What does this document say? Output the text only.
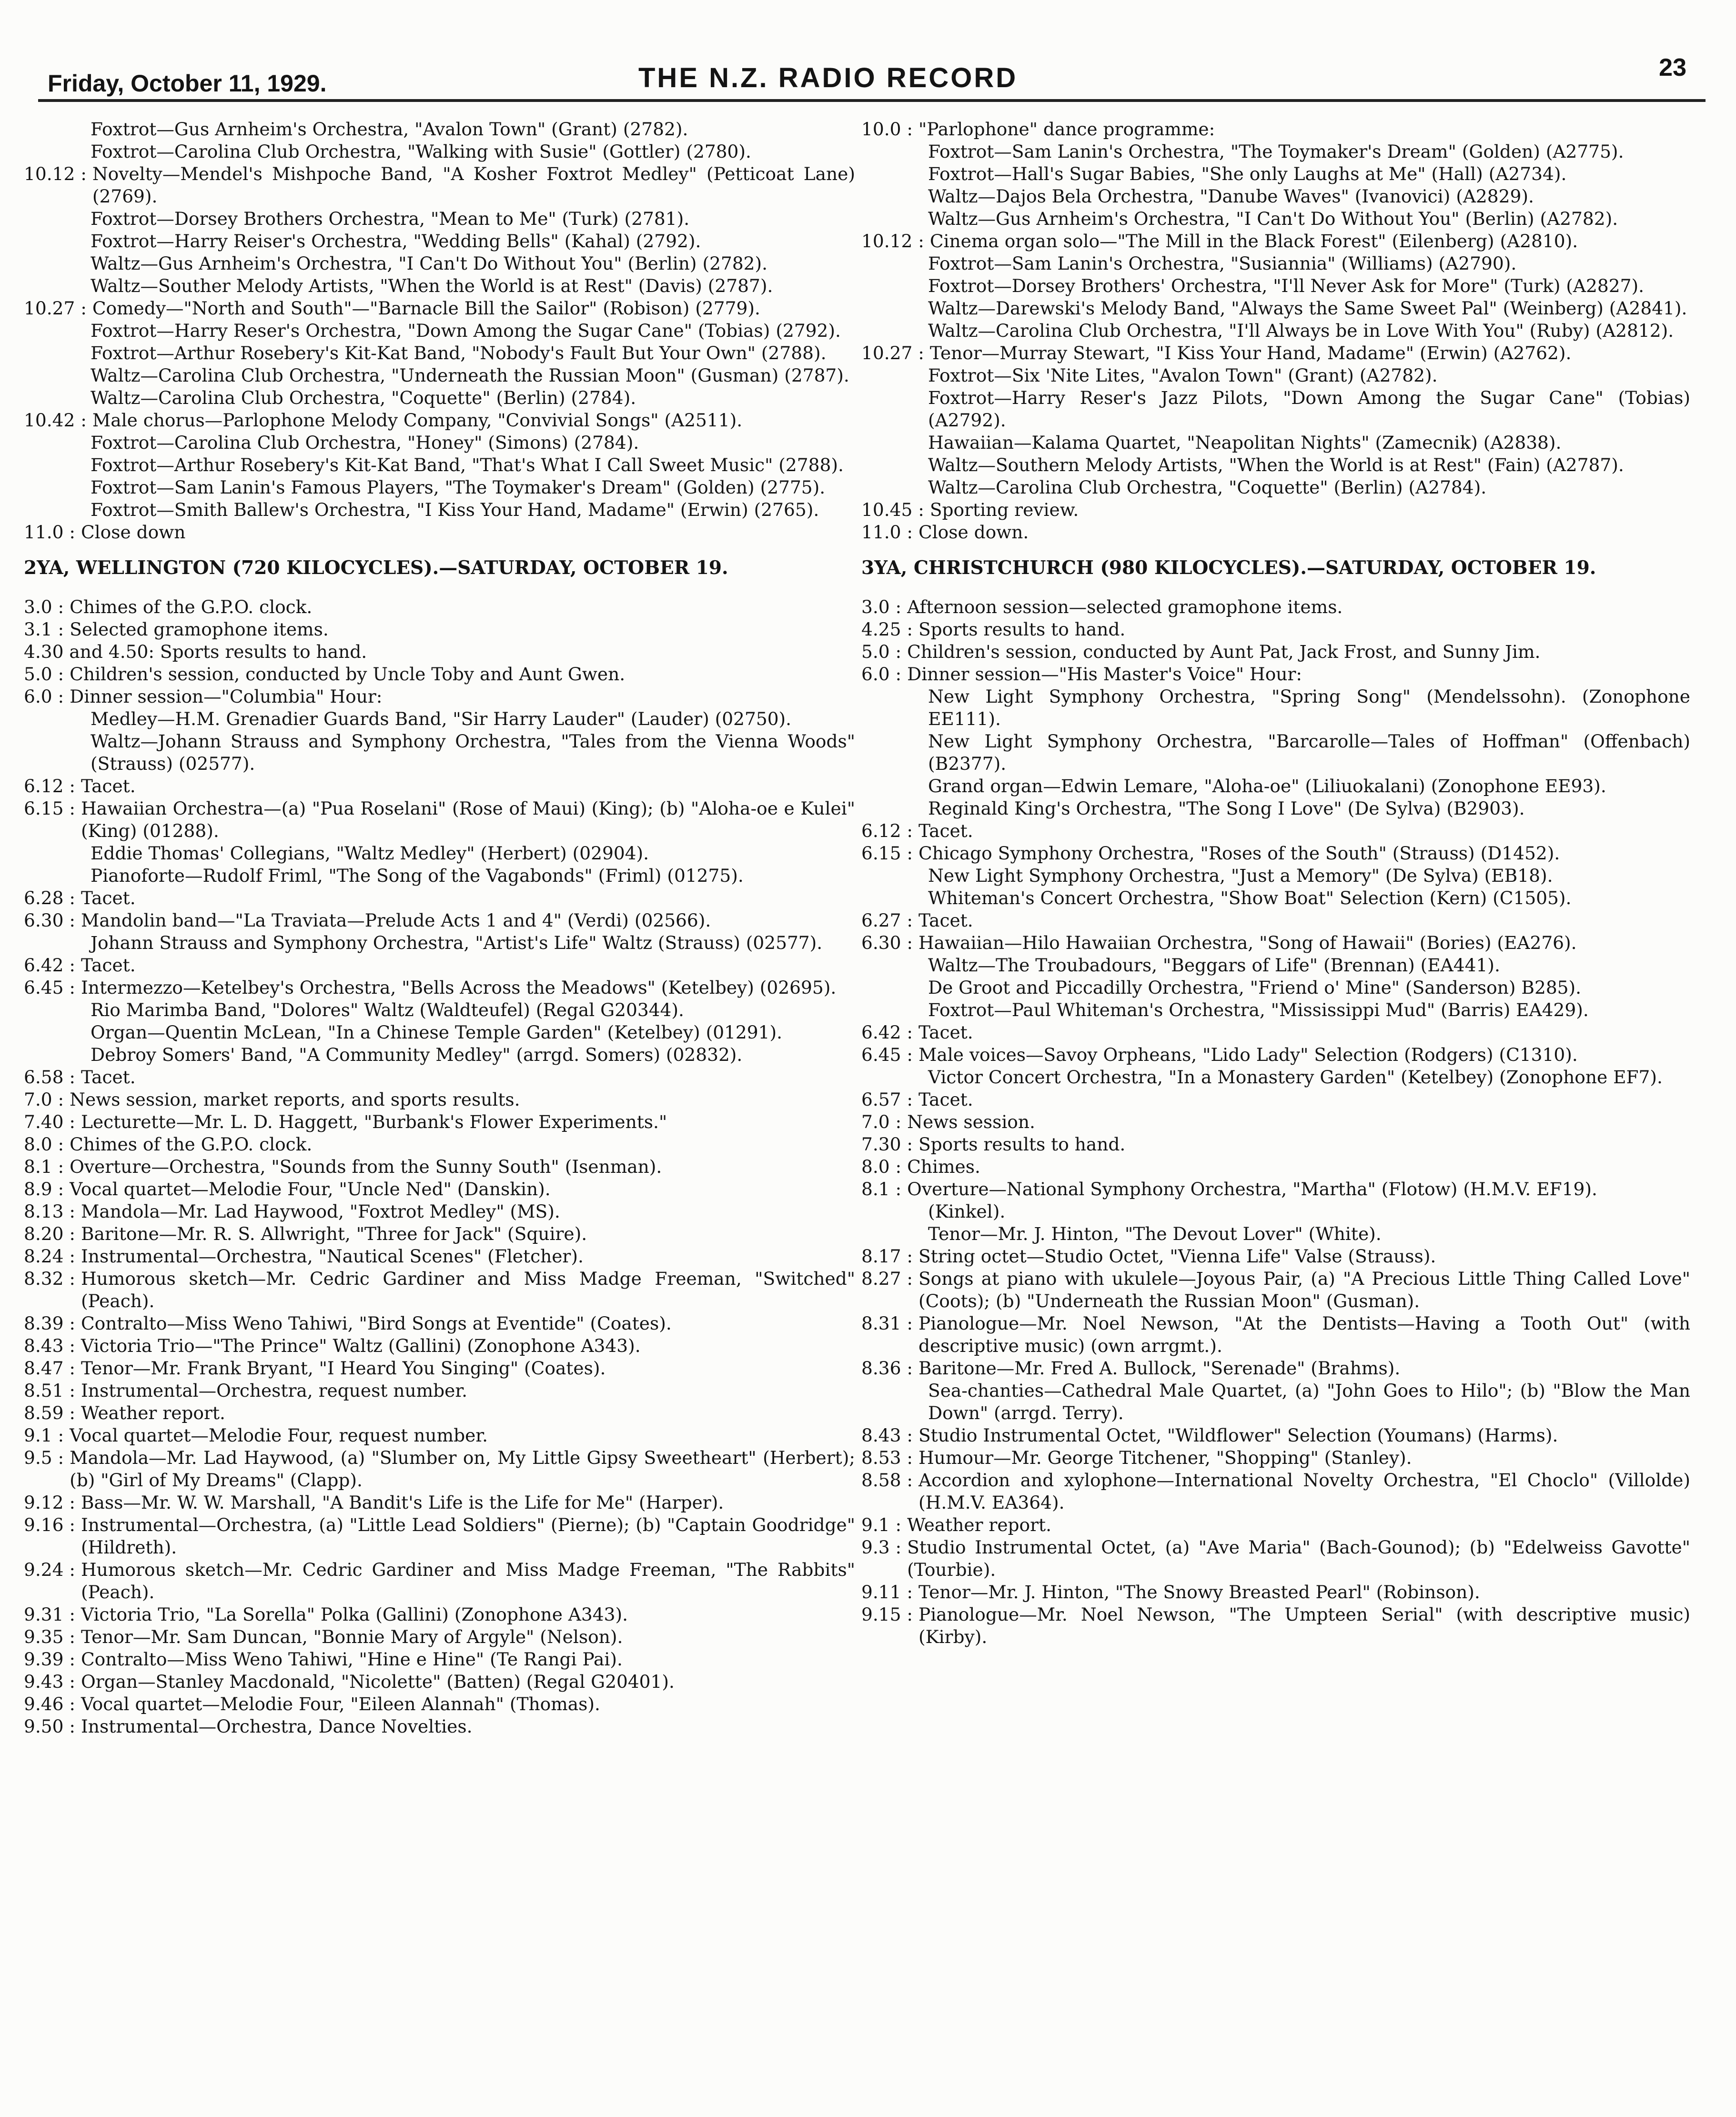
Friday, October 11, 1929.	THE N.Z. RADIO RECORD	23
Foxtrot—Gus Arnheim's Orchestra, "Avalon Town" (Grant) (2782).
Foxtrot—Carolina Club Orchestra, "Walking with Susie" (Gottler) (2780).
10.12 : Novelty—Mendel's Mishpoche Band, "A Kosher Foxtrot Medley" (Petticoat Lane) (2769).
Foxtrot—Dorsey Brothers Orchestra, "Mean to Me" (Turk) (2781).
Foxtrot—Harry Reiser's Orchestra, "Wedding Bells" (Kahal) (2792).
Waltz—Gus Arnheim's Orchestra, "I Can't Do Without You" (Berlin) (2782).
Waltz—Souther Melody Artists, "When the World is at Rest" (Davis) (2787).
10.27 : Comedy—"North and South"—"Barnacle Bill the Sailor" (Robison) (2779).
Foxtrot—Harry Reser's Orchestra, "Down Among the Sugar Cane" (Tobias) (2792).
Foxtrot—Arthur Rosebery's Kit-Kat Band, "Nobody's Fault But Your Own" (2788).
Waltz—Carolina Club Orchestra, "Underneath the Russian Moon" (Gusman) (2787).
Waltz—Carolina Club Orchestra, "Coquette" (Berlin) (2784).
10.42 : Male chorus—Parlophone Melody Company, "Convivial Songs" (A2511).
Foxtrot—Carolina Club Orchestra, "Honey" (Simons) (2784).
Foxtrot—Arthur Rosebery's Kit-Kat Band, "That's What I Call Sweet Music" (2788).
Foxtrot—Sam Lanin's Famous Players, "The Toymaker's Dream" (Golden) (2775).
Foxtrot—Smith Ballew's Orchestra, "I Kiss Your Hand, Madame" (Erwin) (2765).
11.0 : Close down
2YA, WELLINGTON (720 KILOCYCLES).—SATURDAY, OCTOBER 19.
3.0 : Chimes of the G.P.O. clock.
3.1 : Selected gramophone items.
4.30 and 4.50: Sports results to hand.
5.0 : Children's session, conducted by Uncle Toby and Aunt Gwen.
6.0 : Dinner session—"Columbia" Hour:
Medley—H.M. Grenadier Guards Band, "Sir Harry Lauder" (Lauder) (02750).
Waltz—Johann Strauss and Symphony Orchestra, "Tales from the Vienna Woods" (Strauss) (02577).
6.12 : Tacet.
6.15 : Hawaiian Orchestra—(a) "Pua Roselani" (Rose of Maui) (King); (b) "Aloha-oe e Kulei" (King) (01288).
Eddie Thomas' Collegians, "Waltz Medley" (Herbert) (02904).
Pianoforte—Rudolf Friml, "The Song of the Vagabonds" (Friml) (01275).
6.28 : Tacet.
6.30 : Mandolin band—"La Traviata—Prelude Acts 1 and 4" (Verdi) (02566).
Johann Strauss and Symphony Orchestra, "Artist's Life" Waltz (Strauss) (02577).
6.42 : Tacet.
6.45 : Intermezzo—Ketelbey's Orchestra, "Bells Across the Meadows" (Ketelbey) (02695).
Rio Marimba Band, "Dolores" Waltz (Waldteufel) (Regal G20344).
Organ—Quentin McLean, "In a Chinese Temple Garden" (Ketelbey) (01291).
Debroy Somers' Band, "A Community Medley" (arrgd. Somers) (02832).
6.58 : Tacet.
7.0 : News session, market reports, and sports results.
7.40 : Lecturette—Mr. L. D. Haggett, "Burbank's Flower Experiments."
8.0 : Chimes of the G.P.O. clock.
8.1 : Overture—Orchestra, "Sounds from the Sunny South" (Isenman).
8.9 : Vocal quartet—Melodie Four, "Uncle Ned" (Danskin).
8.13 : Mandola—Mr. Lad Haywood, "Foxtrot Medley" (MS).
8.20 : Baritone—Mr. R. S. Allwright, "Three for Jack" (Squire).
8.24 : Instrumental—Orchestra, "Nautical Scenes" (Fletcher).
8.32 : Humorous sketch—Mr. Cedric Gardiner and Miss Madge Freeman, "Switched" (Peach).
8.39 : Contralto—Miss Weno Tahiwi, "Bird Songs at Eventide" (Coates).
8.43 : Victoria Trio—"The Prince" Waltz (Gallini) (Zonophone A343).
8.47 : Tenor—Mr. Frank Bryant, "I Heard You Singing" (Coates).
8.51 : Instrumental—Orchestra, request number.
8.59 : Weather report.
9.1 : Vocal quartet—Melodie Four, request number.
9.5 : Mandola—Mr. Lad Haywood, (a) "Slumber on, My Little Gipsy Sweetheart" (Herbert); (b) "Girl of My Dreams" (Clapp).
9.12 : Bass—Mr. W. W. Marshall, "A Bandit's Life is the Life for Me" (Harper).
9.16 : Instrumental—Orchestra, (a) "Little Lead Soldiers" (Pierne); (b) "Captain Goodridge" (Hildreth).
9.24 : Humorous sketch—Mr. Cedric Gardiner and Miss Madge Freeman, "The Rabbits" (Peach).
9.31 : Victoria Trio, "La Sorella" Polka (Gallini) (Zonophone A343).
9.35 : Tenor—Mr. Sam Duncan, "Bonnie Mary of Argyle" (Nelson).
9.39 : Contralto—Miss Weno Tahiwi, "Hine e Hine" (Te Rangi Pai).
9.43 : Organ—Stanley Macdonald, "Nicolette" (Batten) (Regal G20401).
9.46 : Vocal quartet—Melodie Four, "Eileen Alannah" (Thomas).
9.50 : Instrumental—Orchestra, Dance Novelties.
10.0 : "Parlophone" dance programme:
Foxtrot—Sam Lanin's Orchestra, "The Toymaker's Dream" (Golden) (A2775).
Foxtrot—Hall's Sugar Babies, "She only Laughs at Me" (Hall) (A2734).
Waltz—Dajos Bela Orchestra, "Danube Waves" (Ivanovici) (A2829).
Waltz—Gus Arnheim's Orchestra, "I Can't Do Without You" (Berlin) (A2782).
10.12 : Cinema organ solo—"The Mill in the Black Forest" (Eilenberg) (A2810).
Foxtrot—Sam Lanin's Orchestra, "Susiannia" (Williams) (A2790).
Foxtrot—Dorsey Brothers' Orchestra, "I'll Never Ask for More" (Turk) (A2827).
Waltz—Darewski's Melody Band, "Always the Same Sweet Pal" (Weinberg) (A2841).
Waltz—Carolina Club Orchestra, "I'll Always be in Love With You" (Ruby) (A2812).
10.27 : Tenor—Murray Stewart, "I Kiss Your Hand, Madame" (Erwin) (A2762).
Foxtrot—Six 'Nite Lites, "Avalon Town" (Grant) (A2782).
Foxtrot—Harry Reser's Jazz Pilots, "Down Among the Sugar Cane" (Tobias) (A2792).
Hawaiian—Kalama Quartet, "Neapolitan Nights" (Zamecnik) (A2838).
Waltz—Southern Melody Artists, "When the World is at Rest" (Fain) (A2787).
Waltz—Carolina Club Orchestra, "Coquette" (Berlin) (A2784).
10.45 : Sporting review.
11.0 : Close down.
3YA, CHRISTCHURCH (980 KILOCYCLES).—SATURDAY, OCTOBER 19.
3.0 : Afternoon session—selected gramophone items.
4.25 : Sports results to hand.
5.0 : Children's session, conducted by Aunt Pat, Jack Frost, and Sunny Jim.
6.0 : Dinner session—"His Master's Voice" Hour:
New Light Symphony Orchestra, "Spring Song" (Mendelssohn). (Zonophone EE111).
New Light Symphony Orchestra, "Barcarolle—Tales of Hoffman" (Offenbach) (B2377).
Grand organ—Edwin Lemare, "Aloha-oe" (Liliuokalani) (Zonophone EE93).
Reginald King's Orchestra, "The Song I Love" (De Sylva) (B2903).
6.12 : Tacet.
6.15 : Chicago Symphony Orchestra, "Roses of the South" (Strauss) (D1452).
New Light Symphony Orchestra, "Just a Memory" (De Sylva) (EB18).
Whiteman's Concert Orchestra, "Show Boat" Selection (Kern) (C1505).
6.27 : Tacet.
6.30 : Hawaiian—Hilo Hawaiian Orchestra, "Song of Hawaii" (Bories) (EA276).
Waltz—The Troubadours, "Beggars of Life" (Brennan) (EA441).
De Groot and Piccadilly Orchestra, "Friend o' Mine" (Sanderson) B285).
Foxtrot—Paul Whiteman's Orchestra, "Mississippi Mud" (Barris) EA429).
6.42 : Tacet.
6.45 : Male voices—Savoy Orpheans, "Lido Lady" Selection (Rodgers) (C1310).
Victor Concert Orchestra, "In a Monastery Garden" (Ketelbey) (Zonophone EF7).
6.57 : Tacet.
7.0 : News session.
7.30 : Sports results to hand.
8.0 : Chimes.
8.1 : Overture—National Symphony Orchestra, "Martha" (Flotow) (H.M.V. EF19).
(Kinkel).
Tenor—Mr. J. Hinton, "The Devout Lover" (White).
8.17 : String octet—Studio Octet, "Vienna Life" Valse (Strauss).
8.27 : Songs at piano with ukulele—Joyous Pair, (a) "A Precious Little Thing Called Love" (Coots); (b) "Underneath the Russian Moon" (Gusman).
8.31 : Pianologue—Mr. Noel Newson, "At the Dentists—Having a Tooth Out" (with descriptive music) (own arrgmt.).
8.36 : Baritone—Mr. Fred A. Bullock, "Serenade" (Brahms).
Sea-chanties—Cathedral Male Quartet, (a) "John Goes to Hilo"; (b) "Blow the Man Down" (arrgd. Terry).
8.43 : Studio Instrumental Octet, "Wildflower" Selection (Youmans) (Harms).
8.53 : Humour—Mr. George Titchener, "Shopping" (Stanley).
8.58 : Accordion and xylophone—International Novelty Orchestra, "El Choclo" (Villolde) (H.M.V. EA364).
9.1 : Weather report.
9.3 : Studio Instrumental Octet, (a) "Ave Maria" (Bach-Gounod); (b) "Edelweiss Gavotte" (Tourbie).
9.11 : Tenor—Mr. J. Hinton, "The Snowy Breasted Pearl" (Robinson).
9.15 : Pianologue—Mr. Noel Newson, "The Umpteen Serial" (with descriptive music) (Kirby).
